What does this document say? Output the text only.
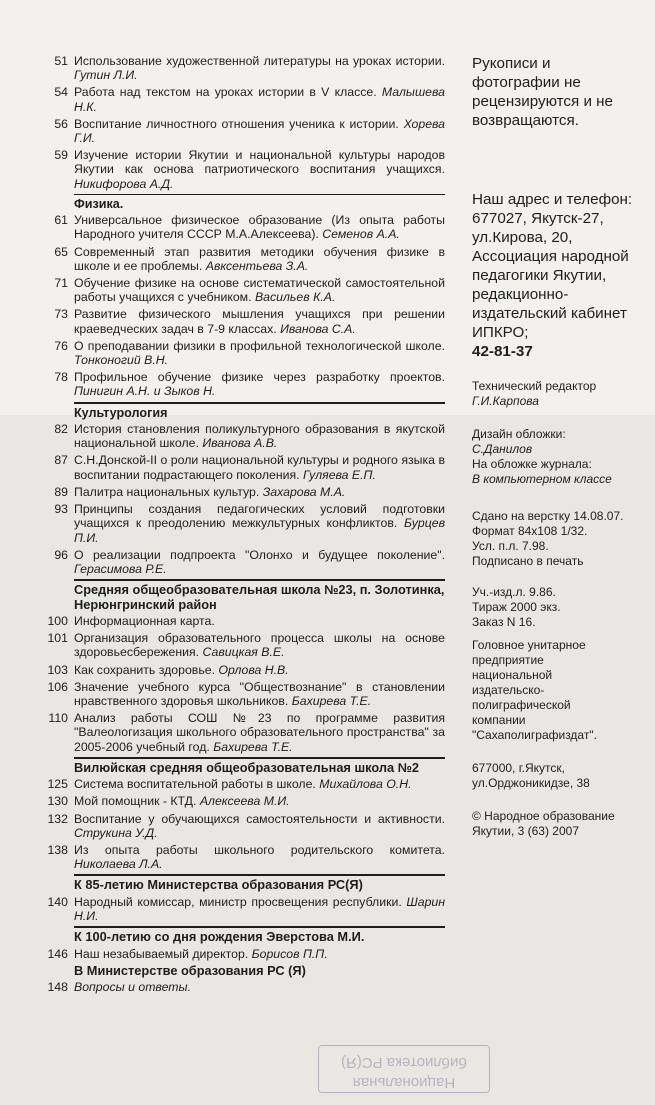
51 Использование художественной литературы на уроках истории. Гутин Л.И.
54 Работа над текстом на уроках истории в V классе. Малышева Н.К.
56 Воспитание личностного отношения ученика к истории. Хорева Г.И.
59 Изучение истории Якутии и национальной культуры народов Якутии как основа патриотического воспитания учащихся. Никифорова А.Д.
Физика.
61 Универсальное физическое образование (Из опыта работы Народного учителя СССР М.А.Алексеева). Семенов А.А.
65 Современный этап развития методики обучения физике в школе и ее проблемы. Авксентьева З.А.
71 Обучение физике на основе систематической самостоятельной работы учащихся с учебником. Васильев К.А.
73 Развитие физического мышления учащихся при решении краеведческих задач в 7-9 классах. Иванова С.А.
76 О преподавании физики в профильной технологической школе. Тонконогий В.Н.
78 Профильное обучение физике через разработку проектов. Пинигин А.Н. и Зыков Н.
Культурология
82 История становления поликультурного образования в якутской национальной школе. Иванова А.В.
87 С.Н.Донской-II о роли национальной культуры и родного языка в воспитании подрастающего поколения. Гуляева Е.П.
89 Палитра национальных культур. Захарова М.А.
93 Принципы создания педагогических условий подготовки учащихся к преодолению межкультурных конфликтов. Бурцев П.И.
96 О реализации подпроекта "Олонхо и будущее поколение". Герасимова Р.Е.
Средняя общеобразовательная школа №23, п. Золотинка, Нерюнгринский район
100 Информационная карта.
101 Организация образовательного процесса школы на основе здоровьесбережения. Савицкая В.Е.
103 Как сохранить здоровье. Орлова Н.В.
106 Значение учебного курса "Обществознание" в становлении нравственного здоровья школьников. Бахирева Т.Е.
110 Анализ работы СОШ №23 по программе развития "Валеологизация школьного образовательного пространства" за 2005-2006 учебный год. Бахирева Т.Е.
Вилюйская средняя общеобразовательная школа №2
125 Система воспитательной работы в школе. Михайлова О.Н.
130 Мой помощник - КТД. Алексеева М.И.
132 Воспитание у обучающихся самостоятельности и активности. Струкина У.Д.
138 Из опыта работы школьного родительского комитета. Николаева Л.А.
К 85-летию Министерства образования РС(Я)
140 Народный комиссар, министр просвещения республики. Шарин Н.И.
К 100-летию со дня рождения Эверстова М.И.
146 Наш незабываемый директор. Борисов П.П.
В Министерстве образования РС (Я)
148 Вопросы и ответы.
Рукописи и фотографии не рецензируются и не возвращаются.
Наш адрес и телефон: 677027, Якутск-27, ул.Кирова, 20, Ассоциация народной педагогики Якутии, редакционно-издательский кабинет ИПКРО;
42-81-37
Технический редактор
Г.И.Карпова
Дизайн обложки:
С.Данилов
На обложке журнала:
В компьютерном классе
Сдано на верстку 14.08.07.
Формат 84х108 1/32.
Усл. п.л. 7.98.
Подписано в печать
Уч.-изд.л. 9.86.
Тираж 2000 экз.
Заказ N 16.
Головное унитарное предприятие национальной издательско-полиграфической компании "Сахаполиграфиздат".
677000, г.Якутск, ул.Орджоникидзе, 38
© Народное образование Якутии, 3 (63) 2007
Национальная
библиотека РС(Я)
